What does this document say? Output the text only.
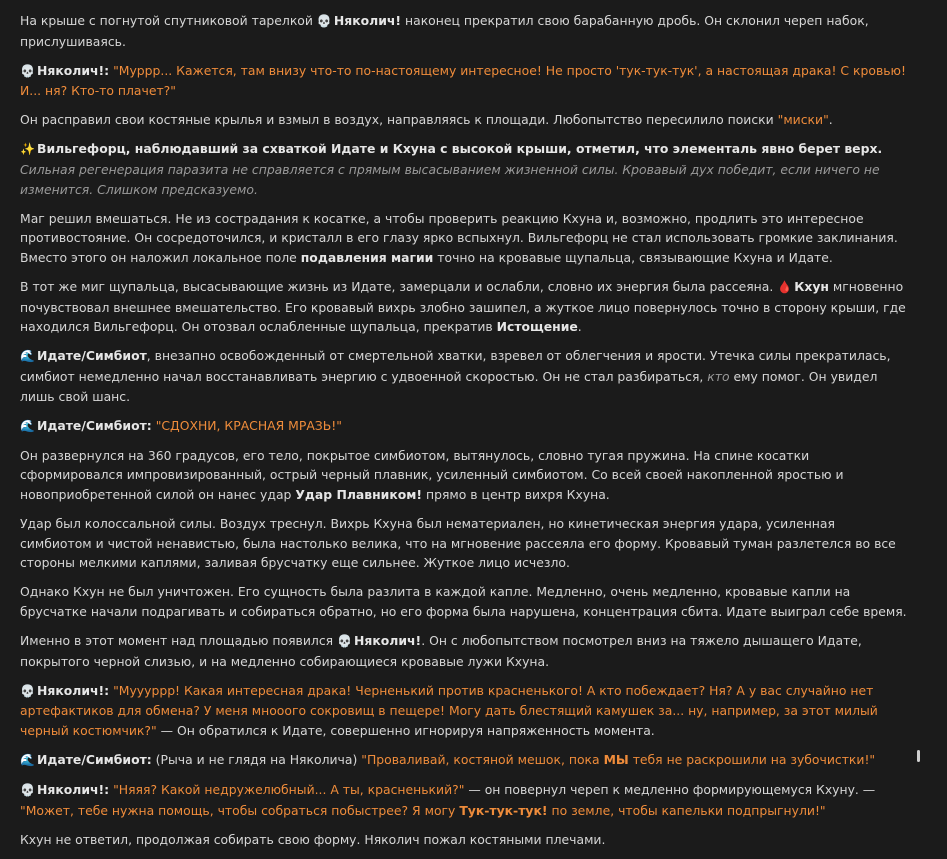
На крыше с погнутой спутниковой тарелкой 💀 Няколич! наконец прекратил свою барабанную дробь. Он склонил череп набок, прислушиваясь.

💀 Няколич!: "Муррр... Кажется, там внизу что-то по-настоящему интересное! Не просто 'тук-тук-тук', а настоящая драка! С кровью! И... ня? Кто-то плачет?"

Он расправил свои костяные крылья и взмыл в воздух, направляясь к площади. Любопытство пересилило поиски "миски".

✨ Вильгефорц, наблюдавший за схваткой Идате и Кхуна с высокой крыши, отметил, что элементаль явно берет верх. Сильная регенерация паразита не справляется с прямым высасыванием жизненной силы. Кровавый дух победит, если ничего не изменится. Слишком предсказуемо.

Маг решил вмешаться. Не из сострадания к косатке, а чтобы проверить реакцию Кхуна и, возможно, продлить это интересное противостояние. Он сосредоточился, и кристалл в его глазу ярко вспыхнул. Вильгефорц не стал использовать громкие заклинания. Вместо этого он наложил локальное поле подавления магии точно на кровавые щупальца, связывающие Кхуна и Идате.

В тот же миг щупальца, высасывающие жизнь из Идате, замерцали и ослабли, словно их энергия была рассеяна. 🩸 Кхун мгновенно почувствовал внешнее вмешательство. Его кровавый вихрь злобно зашипел, а жуткое лицо повернулось точно в сторону крыши, где находился Вильгефорц. Он отозвал ослабленные щупальца, прекратив Истощение.

🌊 Идате/Симбиот, внезапно освобожденный от смертельной хватки, взревел от облегчения и ярости. Утечка силы прекратилась, симбиот немедленно начал восстанавливать энергию с удвоенной скоростью. Он не стал разбираться, кто ему помог. Он увидел лишь свой шанс.

🌊 Идате/Симбиот: "СДОХНИ, КРАСНАЯ МРАЗЬ!"

Он развернулся на 360 градусов, его тело, покрытое симбиотом, вытянулось, словно тугая пружина. На спине косатки сформировался импровизированный, острый черный плавник, усиленный симбиотом. Со всей своей накопленной яростью и новоприобретенной силой он нанес удар Удар Плавником! прямо в центр вихря Кхуна.

Удар был колоссальной силы. Воздух треснул. Вихрь Кхуна был нематериален, но кинетическая энергия удара, усиленная симбиотом и чистой ненавистью, была настолько велика, что на мгновение рассеяла его форму. Кровавый туман разлетелся во все стороны мелкими каплями, заливая брусчатку еще сильнее. Жуткое лицо исчезло.

Однако Кхун не был уничтожен. Его сущность была разлита в каждой капле. Медленно, очень медленно, кровавые капли на брусчатке начали подрагивать и собираться обратно, но его форма была нарушена, концентрация сбита. Идате выиграл себе время.

Именно в этот момент над площадью появился 💀 Няколич!. Он с любопытством посмотрел вниз на тяжело дышащего Идате, покрытого черной слизью, и на медленно собирающиеся кровавые лужи Кхуна.

💀 Няколич!: "Муууррр! Какая интересная драка! Черненький против красненького! А кто побеждает? Ня? А у вас случайно нет артефактиков для обмена? У меня мнооого сокровищ в пещере! Могу дать блестящий камушек за... ну, например, за этот милый черный костюмчик?" — Он обратился к Идате, совершенно игнорируя напряженность момента.

🌊 Идате/Симбиот: (Рыча и не глядя на Няколича) "Проваливай, костяной мешок, пока МЫ тебя не раскрошили на зубочистки!"

💀 Няколич!: "Няяя? Какой недружелюбный... А ты, красненький?" — он повернул череп к медленно формирующемуся Кхуну. — "Может, тебе нужна помощь, чтобы собраться побыстрее? Я могу Тук-тук-тук! по земле, чтобы капельки подпрыгнули!"

Кхун не ответил, продолжая собирать свою форму. Няколич пожал костяными плечами.
